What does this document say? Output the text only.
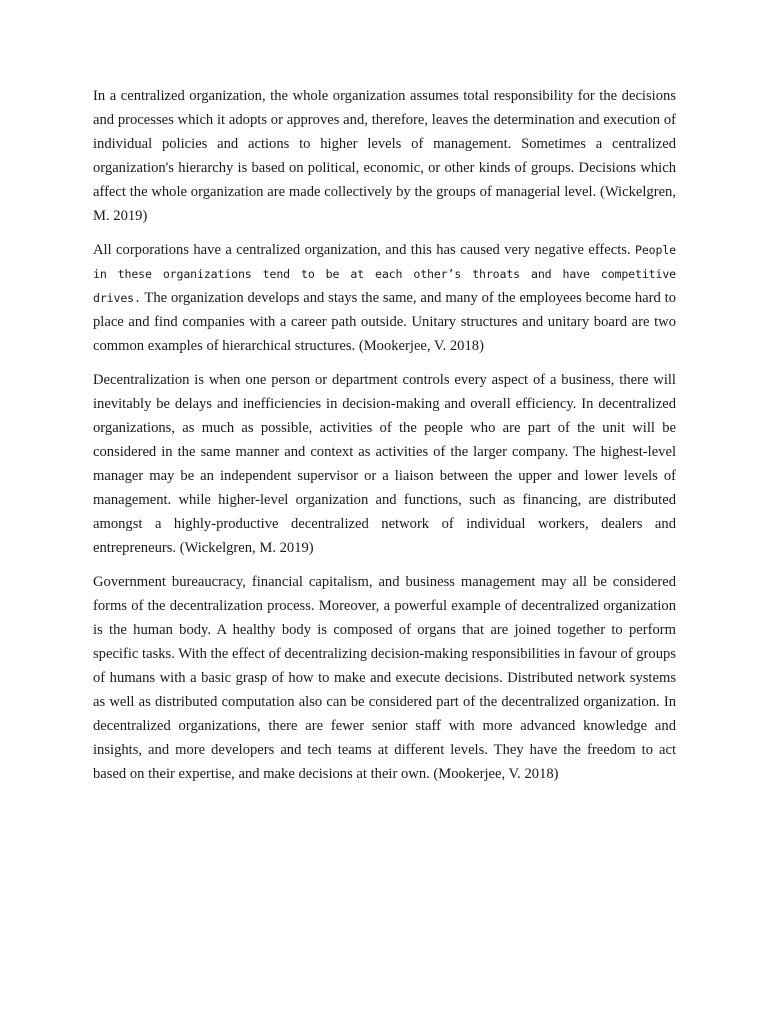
In a centralized organization, the whole organization assumes total responsibility for the decisions and processes which it adopts or approves and, therefore, leaves the determination and execution of individual policies and actions to higher levels of management. Sometimes a centralized organization's hierarchy is based on political, economic, or other kinds of groups. Decisions which affect the whole organization are made collectively by the groups of managerial level. (Wickelgren, M. 2019)

All corporations have a centralized organization, and this has caused very negative effects. People in these organizations tend to be at each other’s throats and have competitive drives. The organization develops and stays the same, and many of the employees become hard to place and find companies with a career path outside. Unitary structures and unitary board are two common examples of hierarchical structures. (Mookerjee, V. 2018)

Decentralization is when one person or department controls every aspect of a business, there will inevitably be delays and inefficiencies in decision-making and overall efficiency. In decentralized organizations, as much as possible, activities of the people who are part of the unit will be considered in the same manner and context as activities of the larger company. The highest-level manager may be an independent supervisor or a liaison between the upper and lower levels of management. while higher-level organization and functions, such as financing, are distributed amongst a highly-productive decentralized network of individual workers, dealers and entrepreneurs. (Wickelgren, M. 2019)

Government bureaucracy, financial capitalism, and business management may all be considered forms of the decentralization process. Moreover, a powerful example of decentralized organization is the human body. A healthy body is composed of organs that are joined together to perform specific tasks. With the effect of decentralizing decision-making responsibilities in favour of groups of humans with a basic grasp of how to make and execute decisions. Distributed network systems as well as distributed computation also can be considered part of the decentralized organization. In decentralized organizations, there are fewer senior staff with more advanced knowledge and insights, and more developers and tech teams at different levels. They have the freedom to act based on their expertise, and make decisions at their own. (Mookerjee, V. 2018)
